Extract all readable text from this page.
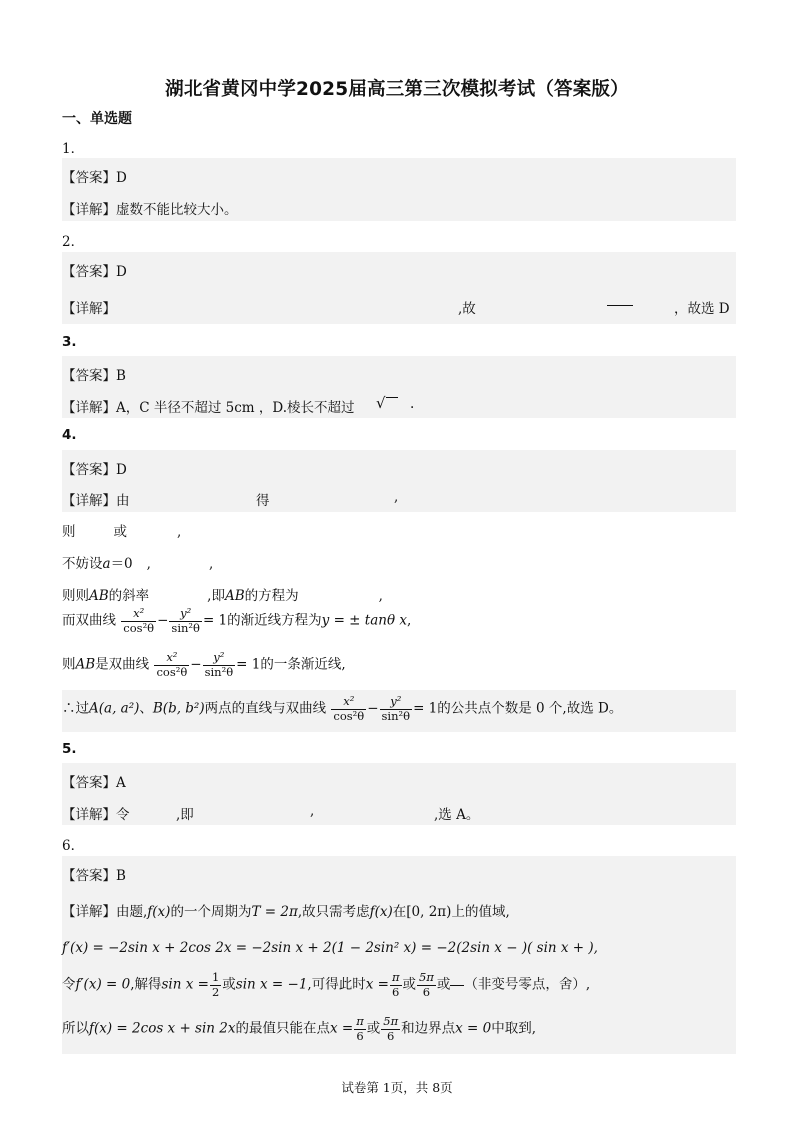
湖北省黄冈中学2025届高三第三次模拟考试（答案版）
一、单选题
1．
【答案】D
【详解】虚数不能比较大小。
2．
【答案】D
【详解】	,故	，故选 D
3.
【答案】B
【详解】A，C 半径不超过 5cm ，D.棱长不超过 √	.
4.
【答案】D
【详解】由	得	,
则	或	,
不妨设a＝0 ,	,
则则AB的斜率	,即AB的方程为	,
而双曲线 $\frac{\text{x²}}{\text{cos²θ}} - \frac{\text{y²}}{\text{sin²θ}} = 1$的渐近线方程为y = ± tanθ x,
则AB是双曲线 $\frac{\text{x²}}{\text{cos²θ}} - \frac{\text{y²}}{\text{sin²θ}} = 1$的一条渐近线,
∴过A(a, a²)、B(b, b²)两点的直线与双曲线 $\frac{\text{x²}}{\text{cos²θ}} - \frac{\text{y²}}{\text{sin²θ}} = 1$的公共点个数是 0 个,故选 D。
5.
【答案】A
【详解】令	,即	,	,选 A。
6．
【答案】B
【详解】由题,f(x)的一个周期为T = 2π,故只需考虑f(x)在[0, 2π)上的值域,
f′(x) = −2sin x + 2cos 2x = −2sin x + 2(1 − 2sin² x) = −2(2sin x − )( sin x + ),
令f′(x) = 0,解得$\sin x = \frac{1}{2}$ 或sin x = −1,可得此时$x = \frac{\pi}{6}$ 或 $\frac{5\pi}{6}$ 或 （非变号零点，舍）,
所以f(x) = 2cos x + sin 2x的最值只能在点$x = \frac{\pi}{6}$ 或 $\frac{5\pi}{6}$ 和边界点x = 0中取到,
试卷第 1页，共 8页
